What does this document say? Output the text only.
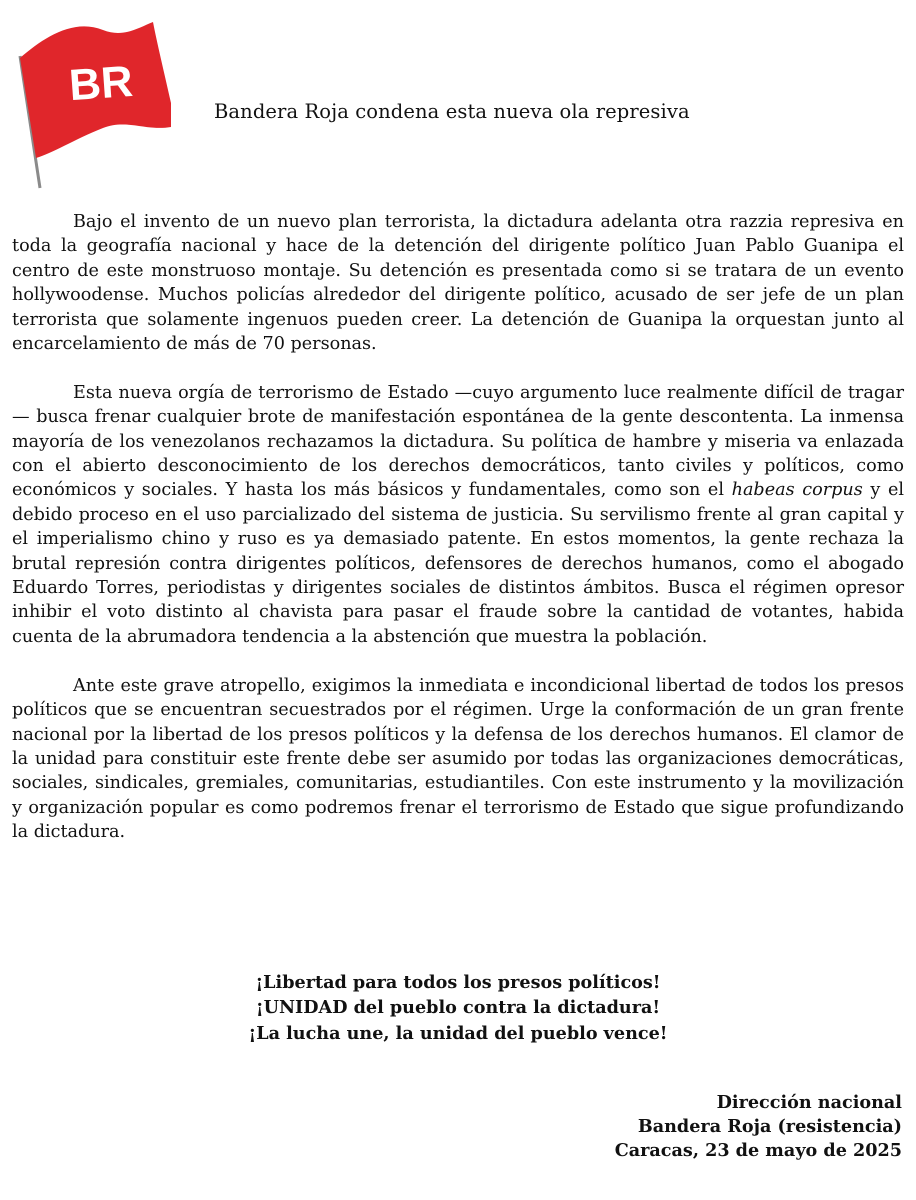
BR
Bandera Roja condena esta nueva ola represiva

Bajo el invento de un nuevo plan terrorista, la dictadura adelanta otra razzia represiva en toda la geografía nacional y hace de la detención del dirigente político Juan Pablo Guanipa el centro de este monstruoso montaje. Su detención es presentada como si se tratara de un evento hollywoodense. Muchos policías alrededor del dirigente político, acusado de ser jefe de un plan terrorista que solamente ingenuos pueden creer. La detención de Guanipa la orquestan junto al encarcelamiento de más de 70 personas.

Esta nueva orgía de terrorismo de Estado —cuyo argumento luce realmente difícil de tragar— busca frenar cualquier brote de manifestación espontánea de la gente descontenta. La inmensa mayoría de los venezolanos rechazamos la dictadura. Su política de hambre y miseria va enlazada con el abierto desconocimiento de los derechos democráticos, tanto civiles y políticos, como económicos y sociales. Y hasta los más básicos y fundamentales, como son el habeas corpus y el debido proceso en el uso parcializado del sistema de justicia. Su servilismo frente al gran capital y el imperialismo chino y ruso es ya demasiado patente. En estos momentos, la gente rechaza la brutal represión contra dirigentes políticos, defensores de derechos humanos, como el abogado Eduardo Torres, periodistas y dirigentes sociales de distintos ámbitos. Busca el régimen opresor inhibir el voto distinto al chavista para pasar el fraude sobre la cantidad de votantes, habida cuenta de la abrumadora tendencia a la abstención que muestra la población.

Ante este grave atropello, exigimos la inmediata e incondicional libertad de todos los presos políticos que se encuentran secuestrados por el régimen. Urge la conformación de un gran frente nacional por la libertad de los presos políticos y la defensa de los derechos humanos. El clamor de la unidad para constituir este frente debe ser asumido por todas las organizaciones democráticas, sociales, sindicales, gremiales, comunitarias, estudiantiles. Con este instrumento y la movilización y organización popular es como podremos frenar el terrorismo de Estado que sigue profundizando la dictadura.

¡Libertad para todos los presos políticos!
¡UNIDAD del pueblo contra la dictadura!
¡La lucha une, la unidad del pueblo vence!
Dirección nacional
Bandera Roja (resistencia)
Caracas, 23 de mayo de 2025
